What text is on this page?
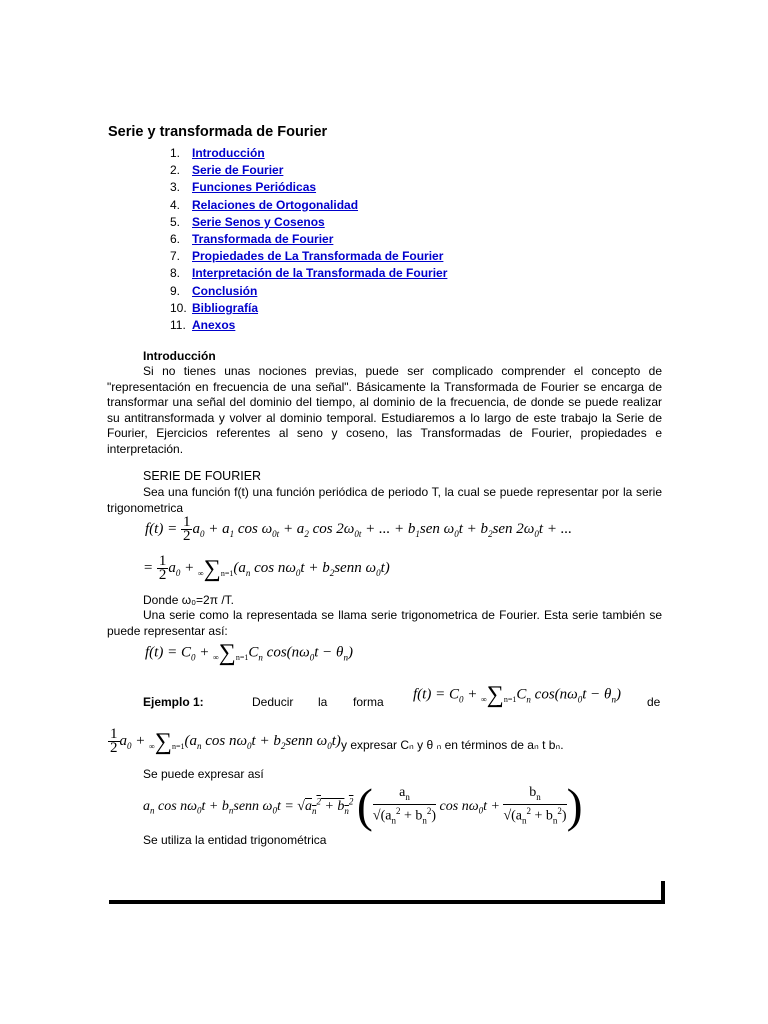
Serie y transformada de Fourier
1. Introducción
2. Serie de Fourier
3. Funciones Periódicas
4. Relaciones de Ortogonalidad
5. Serie Senos y Cosenos
6. Transformada de Fourier
7. Propiedades de La Transformada de Fourier
8. Interpretación de la Transformada de Fourier
9. Conclusión
10. Bibliografía
11. Anexos
Introducción
Si no tienes unas nociones previas, puede ser complicado comprender el concepto de "representación en frecuencia de una señal". Básicamente la Transformada de Fourier se encarga de transformar una señal del dominio del tiempo, al dominio de la frecuencia, de donde se puede realizar su antitransformada y volver al dominio temporal. Estudiaremos a lo largo de este trabajo la Serie de Fourier, Ejercicios referentes al seno y coseno, las Transformadas de Fourier, propiedades e interpretación.
SERIE DE FOURIER
Sea una función f(t) una función periódica de periodo T, la cual se puede representar por la serie trigonometrica
$f(t) = \frac{1}{2} a_0 + a_1$ $\cos \omega_{0t} + a_2$ $\cos 2\omega_{0t}$ + ... + $b_1sen$ $\omega_0t + b_2sen$ $2\omega_0t$ + ...
= $\frac{1}{2} a_0 + \infty\sum n=1(a_n$ $\cos n\omega_0t$ + $b_2senn$ $\omega_0t$)
Donde ω₀=2π /T.
Una serie como la representada se llama serie trigonometrica de Fourier. Esta serie también se puede representar así:
$f(t) = C_0 + \infty\sum n=1C_n$ $\cos(n\omega_0t - \theta_n)$
Ejemplo 1:	Deducir la forma $f(t) = C_0 + \infty\sum n=1C_n$ $\cos(n\omega_0t - \theta_n)$ de
$\frac{1}{2} a_0 + \infty\sum n=1(a_n$ $\cos n\omega_0t$ + $b_2senn$ $\omega_0t$) y expresar Cₙ y θ ₙ en términos de aₙ t bₙ.
Se puede expresar así
$a_n$ $\cos n\omega_0t$ + $b_nsenn$ $\omega_0t = √a_n^2 + b_n^2$ ( $\frac{a_n}{√(a_n^2 + b_n^2)}$ $\cos n\omega_0t + \frac{b_n}{√(a_n^2 + b_n^2)}$ )
Se utiliza la entidad trigonométrica
